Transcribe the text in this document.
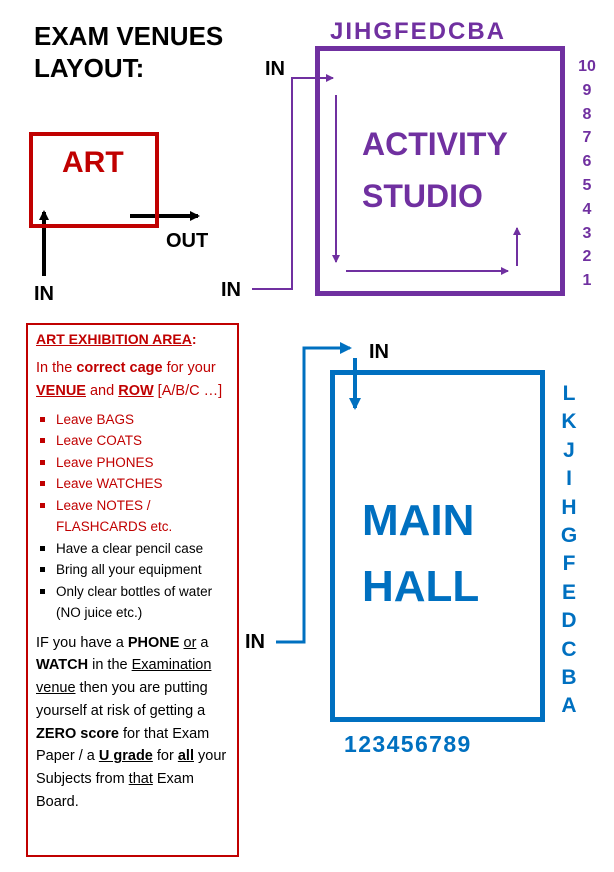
EXAM VENUES
LAYOUT:
ART
IN
OUT
ACTIVITY
STUDIO
JIHGFEDCBA
10
9
8
7
6
5
4
3
2
1
IN
IN
MAIN
HALL
L
K
J
I
H
G
F
E
D
C
B
A
123456789
IN
IN

ART EXHIBITION AREA:

In the correct cage for your VENUE and ROW [A/B/C …]

Leave BAGS
Leave COATS
Leave PHONES
Leave WATCHES
Leave NOTES / FLASHCARDS etc.
Have a clear pencil case
Bring all your equipment
Only clear bottles of water (NO juice etc.)

IF you have a PHONE or a WATCH in the Examination venue then you are putting yourself at risk of getting a ZERO score for that Exam Paper / a U grade for all your Subjects from that Exam Board.
